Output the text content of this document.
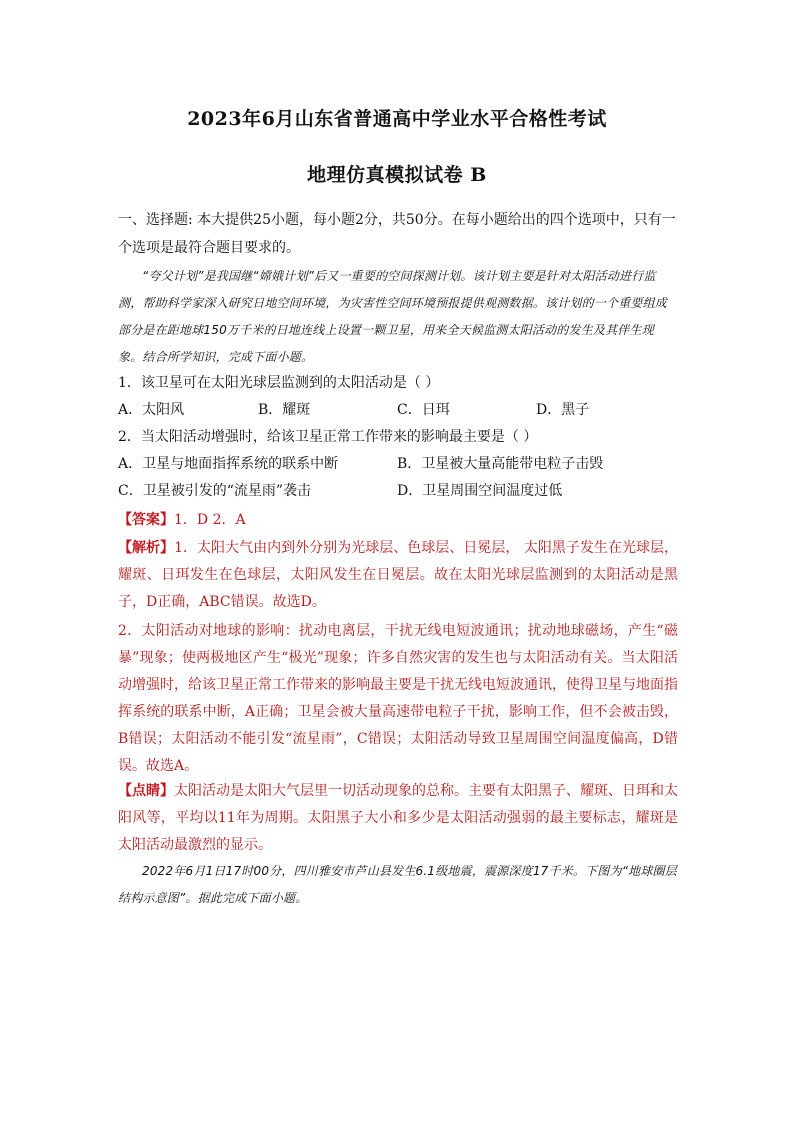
2023年6月山东省普通高中学业水平合格性考试
地理仿真模拟试卷 B
一、选择题: 本大提供25小题，每小题2分，共50分。在每小题给出的四个选项中，只有一个选项是最符合题目要求的。
“夸父计划”是我国继“嫦娥计划”后又一重要的空间探测计划。该计划主要是针对太阳活动进行监测，帮助科学家深入研究日地空间环境，为灾害性空间环境预报提供观测数据。该计划的一个重要组成部分是在距地球150万千米的日地连线上设置一颗卫星，用来全天候监测太阳活动的发生及其伴生现象。结合所学知识，完成下面小题。
1．该卫星可在太阳光球层监测到的太阳活动是（ ）
A．太阳风	B．耀斑	C．日珥	D．黑子
2．当太阳活动增强时，给该卫星正常工作带来的影响最主要是（ ）
A．卫星与地面指挥系统的联系中断	B．卫星被大量高能带电粒子击毁
C．卫星被引发的“流星雨”袭击	D．卫星周围空间温度过低
【答案】1．D 2．A
【解析】1．太阳大气由内到外分别为光球层、色球层、日冕层， 太阳黑子发生在光球层，耀斑、日珥发生在色球层，太阳风发生在日冕层。故在太阳光球层监测到的太阳活动是黑子，D正确，ABC错误。故选D。
2．太阳活动对地球的影响：扰动电离层，干扰无线电短波通讯；扰动地球磁场，产生“磁暴”现象；使两极地区产生“极光”现象；许多自然灾害的发生也与太阳活动有关。当太阳活动增强时，给该卫星正常工作带来的影响最主要是干扰无线电短波通讯，使得卫星与地面指挥系统的联系中断，A正确；卫星会被大量高速带电粒子干扰，影响工作，但不会被击毁，B错误；太阳活动不能引发“流星雨”，C错误；太阳活动导致卫星周围空间温度偏高，D错误。故选A。
【点睛】太阳活动是太阳大气层里一切活动现象的总称。主要有太阳黑子、耀斑、日珥和太阳风等，平均以11年为周期。太阳黑子大小和多少是太阳活动强弱的最主要标志，耀斑是太阳活动最激烈的显示。
2022年6月1日17时00分，四川雅安市芦山县发生6.1级地震，震源深度17千米。下图为“地球圈层结构示意图”。据此完成下面小题。
